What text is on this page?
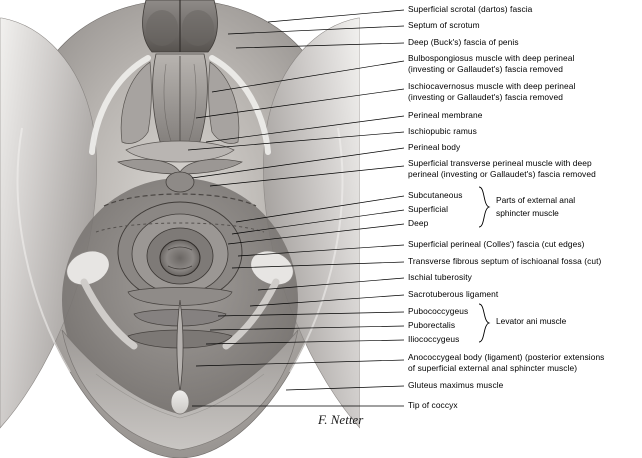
Superficial scrotal (dartos) fascia
Septum of scrotum
Deep (Buck's) fascia of penis
Bulbospongiosus muscle with deep perineal
(investing or Gallaudet's) fascia removed
Ischiocavernosus muscle with deep perineal
(investing or Gallaudet's) fascia removed
Perineal membrane
Ischiopubic ramus
Perineal body
Superficial transverse perineal muscle with deep
perineal (investing or Gallaudet's) fascia removed
Subcutaneous
Superficial
Deep
Superficial perineal (Colles') fascia (cut edges)
Transverse fibrous septum of ischioanal fossa (cut)
Ischial tuberosity
Sacrotuberous ligament
Pubococcygeus
Puborectalis
Iliococcygeus
Anococcygeal body (ligament) (posterior extensions
of superficial external anal sphincter muscle)
Gluteus maximus muscle
Tip of coccyx
Parts of external anal
sphincter muscle
Levator ani muscle
F. Netter
